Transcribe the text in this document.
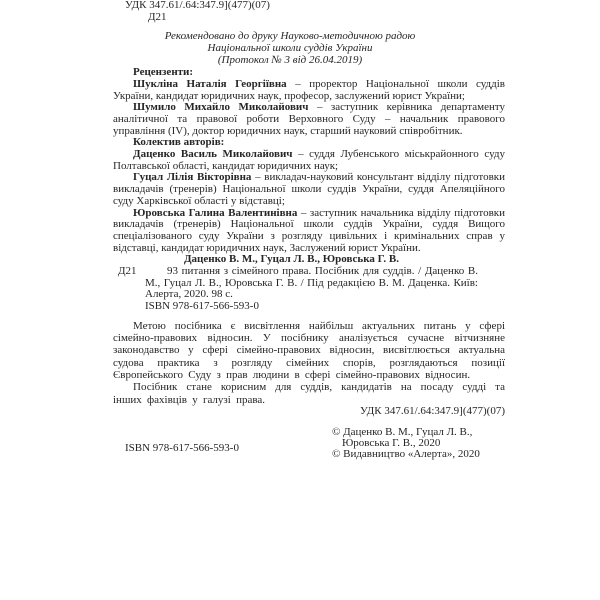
УДК 347.61/.64:347.9](477)(07)

Д21

Рекомендовано до друку Науково-методичною радою

Національної школи суддів України

(Протокол № 3 від 26.04.2019)

Рецензенти:

Шукліна Наталія Георгіївна – проректор Національної школи суддів України, кандидат юридичних наук, професор, заслужений юрист України;

Шумило Михайло Миколайович – заступник керівника департаменту аналітичної та правової роботи Верховного Суду – начальник правового управління (IV), доктор юридичних наук, старший науковий співробітник.

Колектив авторів:

Даценко Василь Миколайович – суддя Лубенського міськрайонного суду Полтавської області, кандидат юридичних наук;

Гуцал Лілія Вікторівна – викладач-науковий консультант відділу підготовки викладачів (тренерів) Національної школи суддів України, суддя Апеляційного суду Харківської області у відставці;

Юровська Галина Валентинівна – заступник начальника відділу підготовки викладачів (тренерів) Національної школи суддів України, суддя Вищого спеціалізованого суду України з розгляду цивільних і кримінальних справ у відставці, кандидат юридичних наук, Заслужений юрист України.

Даценко В. М., Гуцал Л. В., Юровська Г. В.

Д21	93 питання з сімейного права. Посібник для суддів. / Даценко В. М., Гуцал Л. В., Юровська Г. В. / Під редакцією В. М. Даценка. Київ: Алерта, 2020. 98 с.

ISBN 978-617-566-593-0

Метою посібника є висвітлення найбільш актуальних питань у сфері сімейно-правових відносин. У посібнику аналізується сучасне вітчизняне законодавство у сфері сімейно-правових відносин, висвітлюється актуальна судова практика з розгляду сімейних спорів, розглядаються позиції Європейського Суду з прав людини в сфері сімейно-правових відносин.

Посібник стане корисним для суддів, кандидатів на посаду судді та інших фахівців у галузі права.

УДК 347.61/.64:347.9](477)(07)

ISBN 978-617-566-593-0

© Даценко В. М., Гуцал Л. В.,

Юровська Г. В., 2020

© Видавництво «Алерта», 2020
